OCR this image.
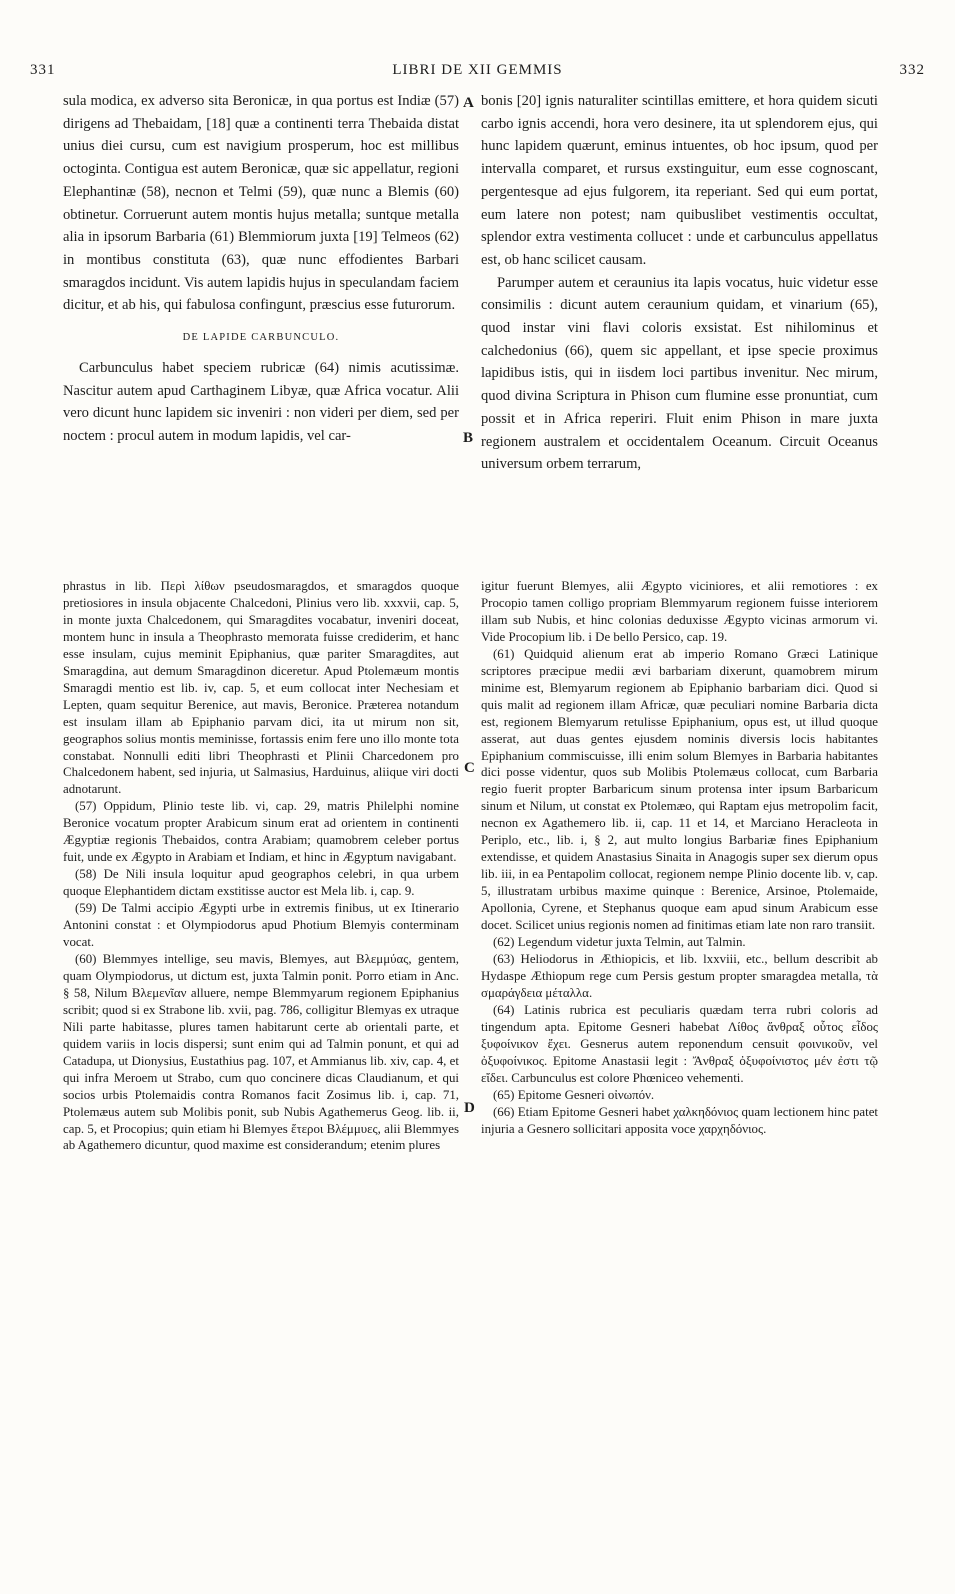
331	LIBRI DE XII GEMMIS	332
A
B
C
D

sula modica, ex adverso sita Beronicæ, in qua portus est Indiæ (57) dirigens ad Thebaidam, [18] quæ a continenti terra Thebaida distat unius diei cursu, cum est navigium prosperum, hoc est millibus octoginta. Contigua est autem Beronicæ, quæ sic appellatur, regioni Elephantinæ (58), necnon et Telmi (59), quæ nunc a Blemis (60) obtinetur. Corruerunt autem montis hujus metalla; suntque metalla alia in ipsorum Barbaria (61) Blemmiorum juxta [19] Telmeos (62) in montibus constituta (63), quæ nunc effodientes Barbari smaragdos incidunt. Vis autem lapidis hujus in speculandam faciem dicitur, et ab his, qui fabulosa confingunt, præscius esse futurorum.

DE LAPIDE CARBUNCULO.

Carbunculus habet speciem rubricæ (64) nimis acutissimæ. Nascitur autem apud Carthaginem Libyæ, quæ Africa vocatur. Alii vero dicunt hunc lapidem sic inveniri : non videri per diem, sed per noctem : procul autem in modum lapidis, vel car-

bonis [20] ignis naturaliter scintillas emittere, et hora quidem sicuti carbo ignis accendi, hora vero desinere, ita ut splendorem ejus, qui hunc lapidem quærunt, eminus intuentes, ob hoc ipsum, quod per intervalla comparet, et rursus exstinguitur, eum esse cognoscant, pergentesque ad ejus fulgorem, ita reperiant. Sed qui eum portat, eum latere non potest; nam quibuslibet vestimentis occultat, splendor extra vestimenta collucet : unde et carbunculus appellatus est, ob hanc scilicet causam.

Parumper autem et ceraunius ita lapis vocatus, huic videtur esse consimilis : dicunt autem ceraunium quidam, et vinarium (65), quod instar vini flavi coloris exsistat. Est nihilominus et calchedonius (66), quem sic appellant, et ipse specie proximus lapidibus istis, qui in iisdem loci partibus invenitur. Nec mirum, quod divina Scriptura in Phison cum flumine esse pronuntiat, cum possit et in Africa reperiri. Fluit enim Phison in mare juxta regionem australem et occidentalem Oceanum. Circuit Oceanus universum orbem terrarum,

phrastus in lib. Περὶ λίθων pseudosmaragdos, et smaragdos quoque pretiosiores in insula objacente Chalcedoni, Plinius vero lib. xxxvii, cap. 5, in monte juxta Chalcedonem, qui Smaragdites vocabatur, inveniri doceat, montem hunc in insula a Theophrasto memorata fuisse crediderim, et hanc esse insulam, cujus meminit Epiphanius, quæ pariter Smaragdites, aut Smaragdina, aut demum Smaragdinon diceretur. Apud Ptolemæum montis Smaragdi mentio est lib. iv, cap. 5, et eum collocat inter Nechesiam et Lepten, quam sequitur Berenice, aut mavis, Beronice. Præterea notandum est insulam illam ab Epiphanio parvam dici, ita ut mirum non sit, geographos solius montis meminisse, fortassis enim fere uno illo monte tota constabat. Nonnulli editi libri Theophrasti et Plinii Charcedonem pro Chalcedonem habent, sed injuria, ut Salmasius, Harduinus, aliique viri docti adnotarunt.

(57) Oppidum, Plinio teste lib. vi, cap. 29, matris Philelphi nomine Beronice vocatum propter Arabicum sinum erat ad orientem in continenti Ægyptiæ regionis Thebaidos, contra Arabiam; quamobrem celeber portus fuit, unde ex Ægypto in Arabiam et Indiam, et hinc in Ægyptum navigabant.

(58) De Nili insula loquitur apud geographos celebri, in qua urbem quoque Elephantidem dictam exstitisse auctor est Mela lib. i, cap. 9.

(59) De Talmi accipio Ægypti urbe in extremis finibus, ut ex Itinerario Antonini constat : et Olympiodorus apud Photium Blemyis conterminam vocat.

(60) Blemmyes intellige, seu mavis, Blemyes, aut Βλεμμύας, gentem, quam Olympiodorus, ut dictum est, juxta Talmin ponit. Porro etiam in Anc. § 58, Nilum Βλεμενῖαν alluere, nempe Blemmyarum regionem Epiphanius scribit; quod si ex Strabone lib. xvii, pag. 786, colligitur Blemyas ex utraque Nili parte habitasse, plures tamen habitarunt certe ab orientali parte, et quidem variis in locis dispersi; sunt enim qui ad Talmin ponunt, et qui ad Catadupa, ut Dionysius, Eustathius pag. 107, et Ammianus lib. xiv, cap. 4, et qui infra Meroem ut Strabo, cum quo concinere dicas Claudianum, et qui socios urbis Ptolemaidis contra Romanos facit Zosimus lib. i, cap. 71, Ptolemæus autem sub Molibis ponit, sub Nubis Agathemerus Geog. lib. ii, cap. 5, et Procopius; quin etiam hi Blemyes ἕτεροι Βλέμμυες, alii Blemmyes ab Agathemero dicuntur, quod maxime est considerandum; etenim plures

igitur fuerunt Blemyes, alii Ægypto viciniores, et alii remotiores : ex Procopio tamen colligo propriam Blemmyarum regionem fuisse interiorem illam sub Nubis, et hinc colonias deduxisse Ægypto vicinas armorum vi. Vide Procopium lib. i De bello Persico, cap. 19.

(61) Quidquid alienum erat ab imperio Romano Græci Latinique scriptores præcipue medii ævi barbariam dixerunt, quamobrem mirum minime est, Blemyarum regionem ab Epiphanio barbariam dici. Quod si quis malit ad regionem illam Africæ, quæ peculiari nomine Barbaria dicta est, regionem Blemyarum retulisse Epiphanium, opus est, ut illud quoque asserat, aut duas gentes ejusdem nominis diversis locis habitantes Epiphanium commiscuisse, illi enim solum Blemyes in Barbaria habitantes dici posse videntur, quos sub Molibis Ptolemæus collocat, cum Barbaria regio fuerit propter Barbaricum sinum protensa inter ipsum Barbaricum sinum et Nilum, ut constat ex Ptolemæo, qui Raptam ejus metropolim facit, necnon ex Agathemero lib. ii, cap. 11 et 14, et Marciano Heracleota in Periplo, etc., lib. i, § 2, aut multo longius Barbariæ fines Epiphanium extendisse, et quidem Anastasius Sinaita in Anagogis super sex dierum opus lib. iii, in ea Pentapolim collocat, regionem nempe Plinio docente lib. v, cap. 5, illustratam urbibus maxime quinque : Berenice, Arsinoe, Ptolemaide, Apollonia, Cyrene, et Stephanus quoque eam apud sinum Arabicum esse docet. Scilicet unius regionis nomen ad finitimas etiam late non raro transiit.

(62) Legendum videtur juxta Telmin, aut Talmin.

(63) Heliodorus in Æthiopicis, et lib. lxxviii, etc., bellum describit ab Hydaspe Æthiopum rege cum Persis gestum propter smaragdea metalla, τὰ σμαράγδεια μέταλλα.

(64) Latinis rubrica est peculiaris quædam terra rubri coloris ad tingendum apta. Epitome Gesneri habebat Λίθος ἄνθραξ οὗτος εἶδος ξυφοίνικον ἔχει. Gesnerus autem reponendum censuit φοινικοῦν, vel ὀξυφοίνικος. Epitome Anastasii legit : Ἄνθραξ ὀξυφοίνιστος μέν ἐστι τῷ εἴδει. Carbunculus est colore Phœniceo vehementi.

(65) Epitome Gesneri οἰνωπόν.

(66) Etiam Epitome Gesneri habet χαλκηδόνιος quam lectionem hinc patet injuria a Gesnero sollicitari apposita voce χαρχηδόνιος.
